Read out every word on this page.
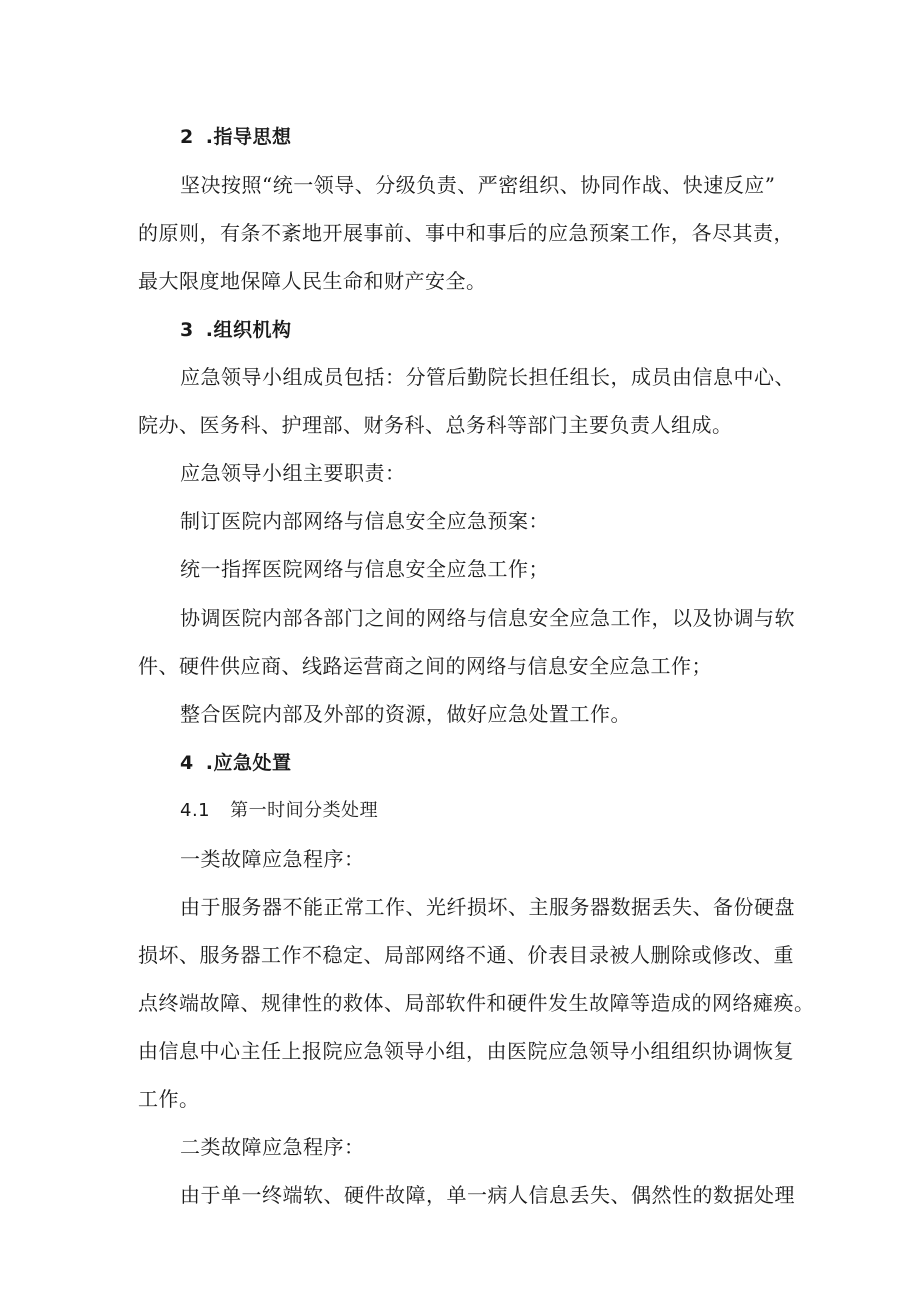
2 .指导思想
坚决按照“统一领导、分级负责、严密组织、协同作战、快速反应”
的原则，有条不紊地开展事前、事中和事后的应急预案工作，各尽其责，
最大限度地保障人民生命和财产安全。
3 .组织机构
应急领导小组成员包括：分管后勤院长担任组长，成员由信息中心、
院办、医务科、护理部、财务科、总务科等部门主要负责人组成。
应急领导小组主要职责：
制订医院内部网络与信息安全应急预案：
统一指挥医院网络与信息安全应急工作；
协调医院内部各部门之间的网络与信息安全应急工作，以及协调与软
件、硬件供应商、线路运营商之间的网络与信息安全应急工作；
整合医院内部及外部的资源，做好应急处置工作。
4 .应急处置
4.1 第一时间分类处理
一类故障应急程序：
由于服务器不能正常工作、光纤损坏、主服务器数据丢失、备份硬盘
损坏、服务器工作不稳定、局部网络不通、价表目录被人删除或修改、重
点终端故障、规律性的救体、局部软件和硬件发生故障等造成的网络瘫痪。
由信息中心主任上报院应急领导小组，由医院应急领导小组组织协调恢复
工作。
二类故障应急程序：
由于单一终端软、硬件故障，单一病人信息丢失、偶然性的数据处理
